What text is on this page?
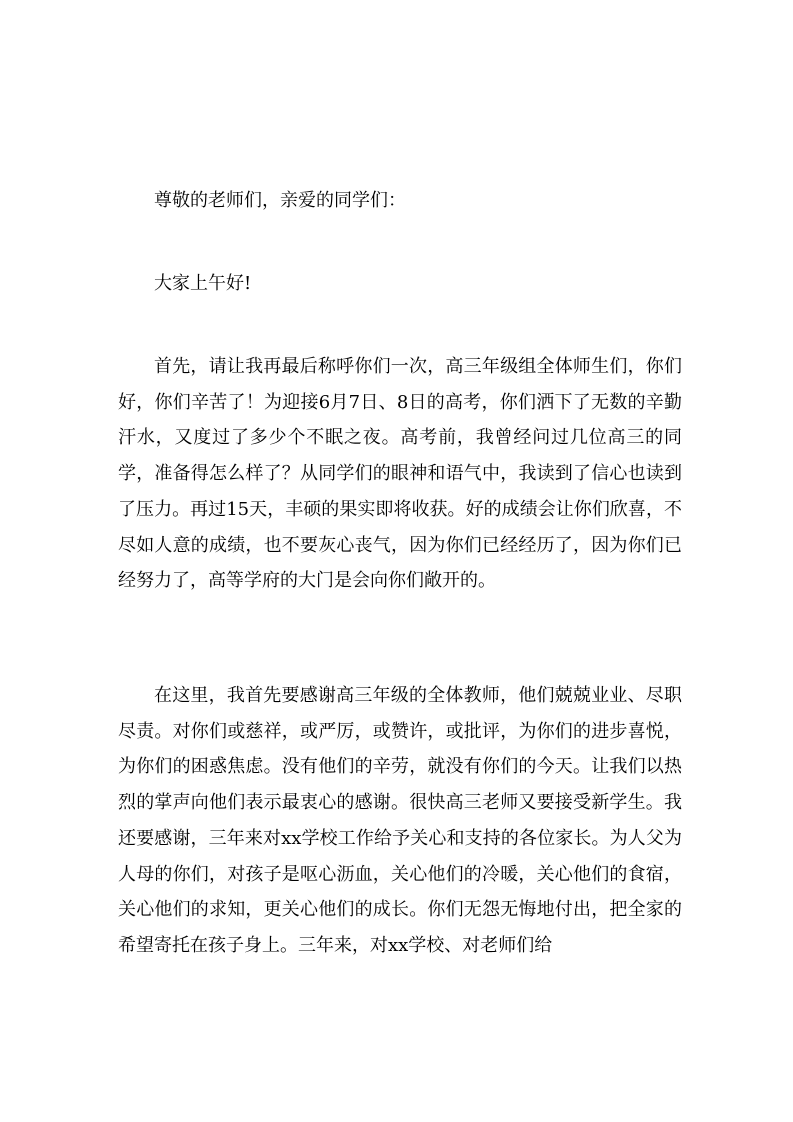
尊敬的老师们，亲爱的同学们：

大家上午好!

首先，请让我再最后称呼你们一次，高三年级组全体师生们，你们好，你们辛苦了！为迎接6月7日、8日的高考，你们洒下了无数的辛勤汗水，又度过了多少个不眠之夜。高考前，我曾经问过几位高三的同学，准备得怎么样了？从同学们的眼神和语气中，我读到了信心也读到了压力。再过15天，丰硕的果实即将收获。好的成绩会让你们欣喜，不尽如人意的成绩，也不要灰心丧气，因为你们已经经历了，因为你们已经努力了，高等学府的大门是会向你们敞开的。

在这里，我首先要感谢高三年级的全体教师，他们兢兢业业、尽职尽责。对你们或慈祥，或严厉，或赞许，或批评，为你们的进步喜悦，为你们的困惑焦虑。没有他们的辛劳，就没有你们的今天。让我们以热烈的掌声向他们表示最衷心的感谢。很快高三老师又要接受新学生。我还要感谢，三年来对xx学校工作给予关心和支持的各位家长。为人父为人母的你们，对孩子是呕心沥血，关心他们的冷暖，关心他们的食宿，关心他们的求知，更关心他们的成长。你们无怨无悔地付出，把全家的希望寄托在孩子身上。三年来，对xx学校、对老师们给
